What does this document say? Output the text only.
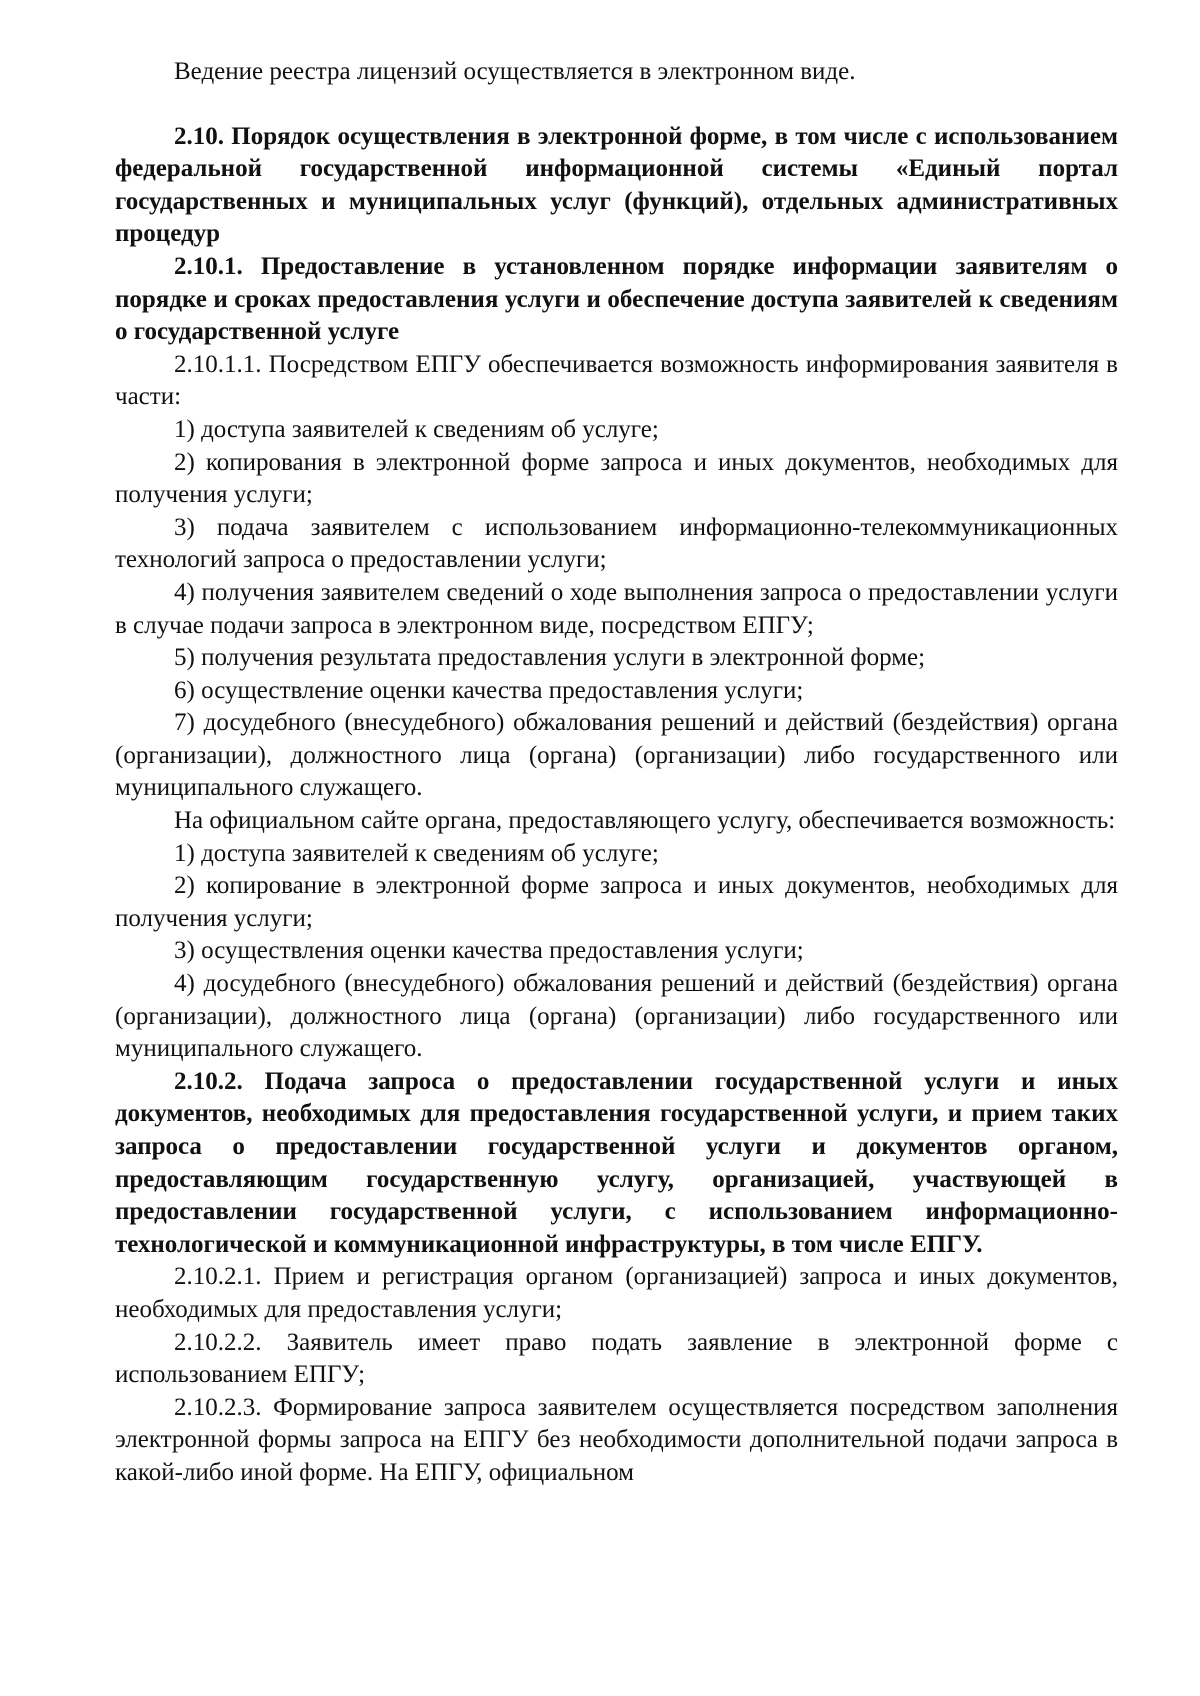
Ведение реестра лицензий осуществляется в электронном виде.

2.10. Порядок осуществления в электронной форме, в том числе с использованием федеральной государственной информационной системы «Единый портал государственных и муниципальных услуг (функций), отдельных административных процедур

2.10.1. Предоставление в установленном порядке информации заявителям о порядке и сроках предоставления услуги и обеспечение доступа заявителей к сведениям о государственной услуге

2.10.1.1. Посредством ЕПГУ обеспечивается возможность информирования заявителя в части:

1) доступа заявителей к сведениям об услуге;

2) копирования в электронной форме запроса и иных документов, необходимых для получения услуги;

3) подача заявителем с использованием информационно-телекоммуникационных технологий запроса о предоставлении услуги;

4) получения заявителем сведений о ходе выполнения запроса о предоставлении услуги в случае подачи запроса в электронном виде, посредством ЕПГУ;

5) получения результата предоставления услуги в электронной форме;

6) осуществление оценки качества предоставления услуги;

7) досудебного (внесудебного) обжалования решений и действий (бездействия) органа (организации), должностного лица (органа) (организации) либо государственного или муниципального служащего.

На официальном сайте органа, предоставляющего услугу, обеспечивается возможность:

1) доступа заявителей к сведениям об услуге;

2) копирование в электронной форме запроса и иных документов, необходимых для получения услуги;

3) осуществления оценки качества предоставления услуги;

4) досудебного (внесудебного) обжалования решений и действий (бездействия) органа (организации), должностного лица (органа) (организации) либо государственного или муниципального служащего.

2.10.2. Подача запроса о предоставлении государственной услуги и иных документов, необходимых для предоставления государственной услуги, и прием таких запроса о предоставлении государственной услуги и документов органом, предоставляющим государственную услугу, организацией, участвующей в предоставлении государственной услуги, с использованием информационно-технологической и коммуникационной инфраструктуры, в том числе ЕПГУ.

2.10.2.1. Прием и регистрация органом (организацией) запроса и иных документов, необходимых для предоставления услуги;

2.10.2.2. Заявитель имеет право подать заявление в электронной форме с использованием ЕПГУ;

2.10.2.3. Формирование запроса заявителем осуществляется посредством заполнения электронной формы запроса на ЕПГУ без необходимости дополнительной подачи запроса в какой-либо иной форме. На ЕПГУ, официальном
